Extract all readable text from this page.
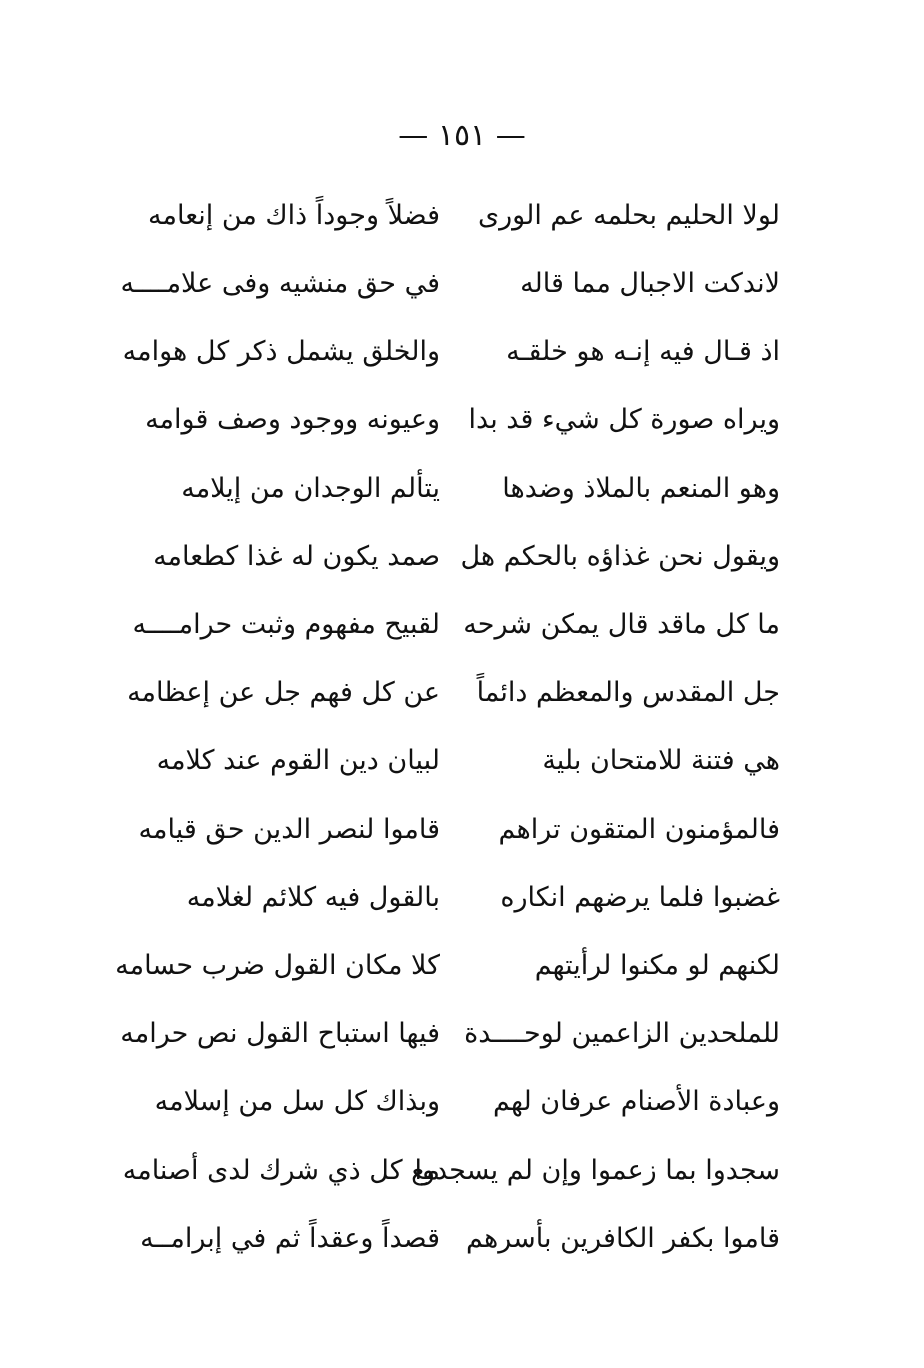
— ١٥١ —
لولا الحليم بحلمه عم الورى
فضلاً وجوداً ذاك من إنعامه
لاندكت الاجبال مما قاله
في حق منشيه وفى علامــــه
اذ قـال فيه إنـه هو خلقـه
والخلق يشمل ذكر كل هوامه
ويراه صورة كل شيء قد بدا
وعيونه ووجود وصف قوامه
وهو المنعم بالملاذ وضدها
يتألم الوجدان من إيلامه
ويقول نحن غذاؤه بالحكم هل
صمد يكون له غذا كطعامه
ما كل ماقد قال يمكن شرحه
لقبيح مفهوم وثبت حرامــــه
جل المقدس والمعظم دائماً
عن كل فهم جل عن إعظامه
هي فتنة للامتحان بلية
لبيان دين القوم عند كلامه
فالمؤمنون المتقون تراهم
قاموا لنصر الدين حق قيامه
غضبوا فلما يرضهم انكاره
بالقول فيه كلائم لغلامه
لكنهم لو مكنوا لرأيتهم
كلا مكان القول ضرب حسامه
للملحدين الزاعمين لوحــــدة
فيها استباح القول نص حرامه
وعبادة الأصنام عرفان لهم
وبذاك كل سل من إسلامه
سجدوا بما زعموا وإن لم يسجدوا
مع كل ذي شرك لدى أصنامه
قاموا بكفر الكافرين بأسرهم
قصداً وعقداً ثم في إبرامــه
